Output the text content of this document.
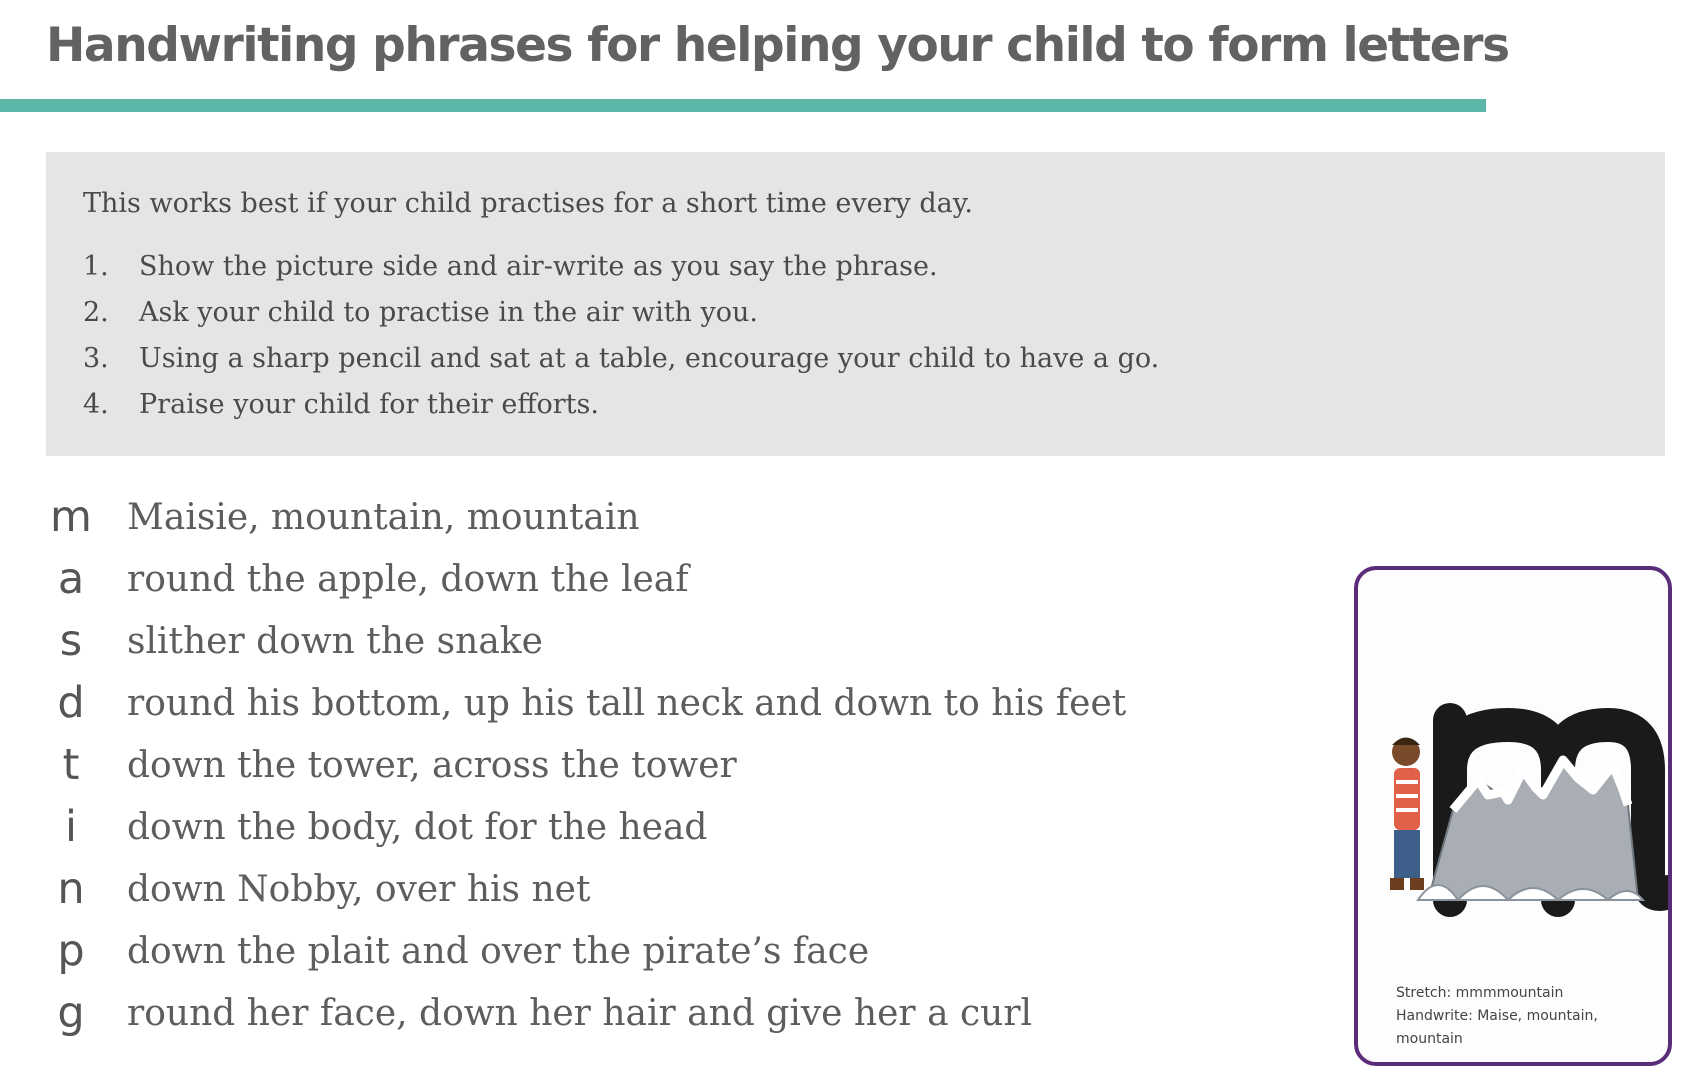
Handwriting phrases for helping your child to form letters

This works best if your child practises for a short time every day.

1. Show the picture side and air-write as you say the phrase.
2. Ask your child to practise in the air with you.
3. Using a sharp pencil and sat at a table, encourage your child to have a go.
4. Praise your child for their efforts.
m Maisie, mountain, mountain
a	round the apple, down the leaf
s	slither down the snake
d	round his bottom, up his tall neck and down to his feet
t	down the tower, across the tower
i	down the body, dot for the head
n	down Nobby, over his net
p	down the plait and over the pirate’s face
g	round her face, down her hair and give her a curl	Stretch: mmmmountain
Handwrite: Maise, mountain,
mountain
